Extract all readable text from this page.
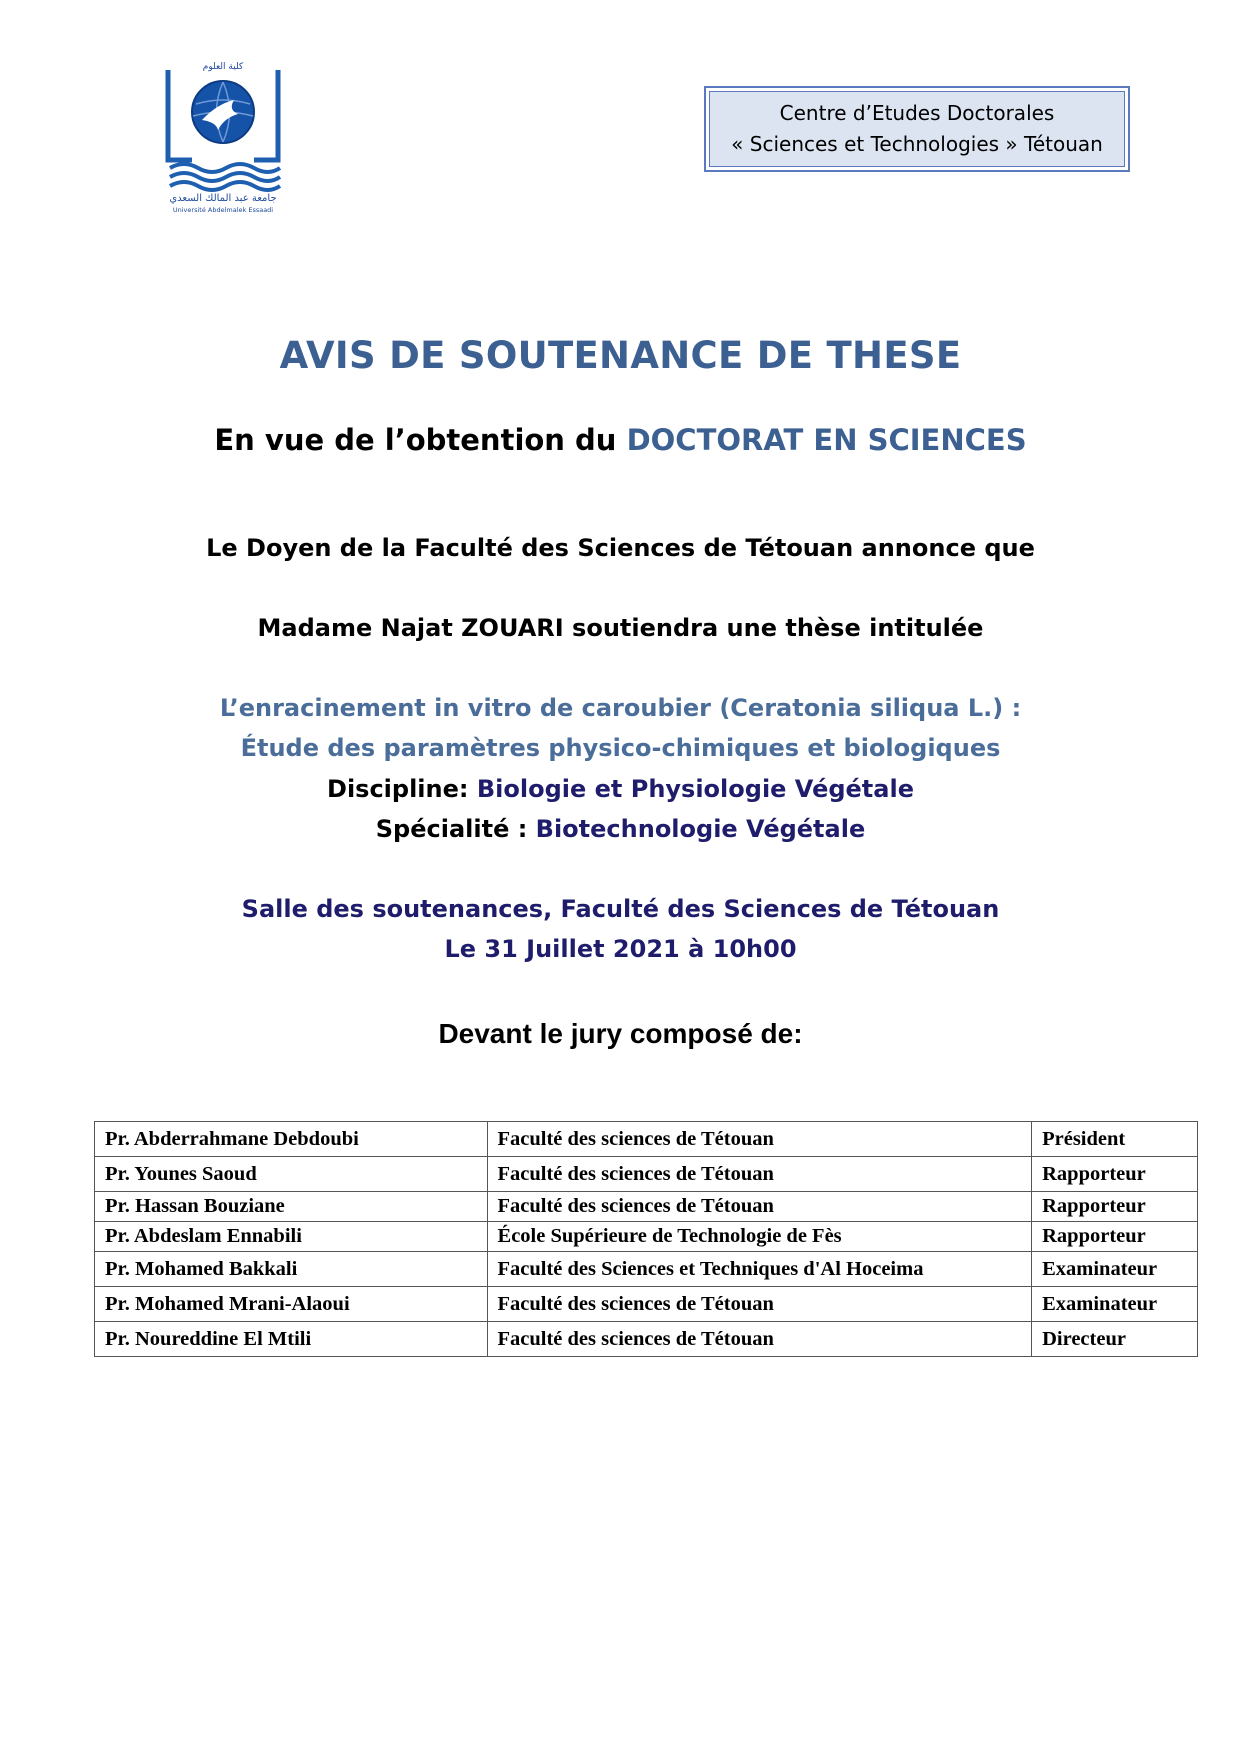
كلية العلوم
جامعة عبد المالك السعدي
Université Abdelmalek Essaadi
Centre d’Etudes Doctorales
« Sciences et Technologies » Tétouan
AVIS DE SOUTENANCE DE THESE
En vue de l’obtention du DOCTORAT EN SCIENCES
Le Doyen de la Faculté des Sciences de Tétouan annonce que
Madame Najat ZOUARI soutiendra une thèse intitulée
L’enracinement in vitro de caroubier (Ceratonia siliqua L.) :
Étude des paramètres physico-chimiques et biologiques
Discipline: Biologie et Physiologie Végétale
Spécialité : Biotechnologie Végétale
Salle des soutenances, Faculté des Sciences de Tétouan
Le 31 Juillet 2021 à 10h00
Devant le jury composé de:
Pr. Abderrahmane Debdoubi	Faculté des sciences de Tétouan	Président
Pr. Younes Saoud	Faculté des sciences de Tétouan	Rapporteur
Pr. Hassan Bouziane	Faculté des sciences de Tétouan	Rapporteur
Pr. Abdeslam Ennabili	École Supérieure de Technologie de Fès	Rapporteur
Pr. Mohamed Bakkali	Faculté des Sciences et Techniques d'Al Hoceima	Examinateur
Pr. Mohamed Mrani-Alaoui	Faculté des sciences de Tétouan	Examinateur
Pr. Noureddine El Mtili	Faculté des sciences de Tétouan	Directeur
